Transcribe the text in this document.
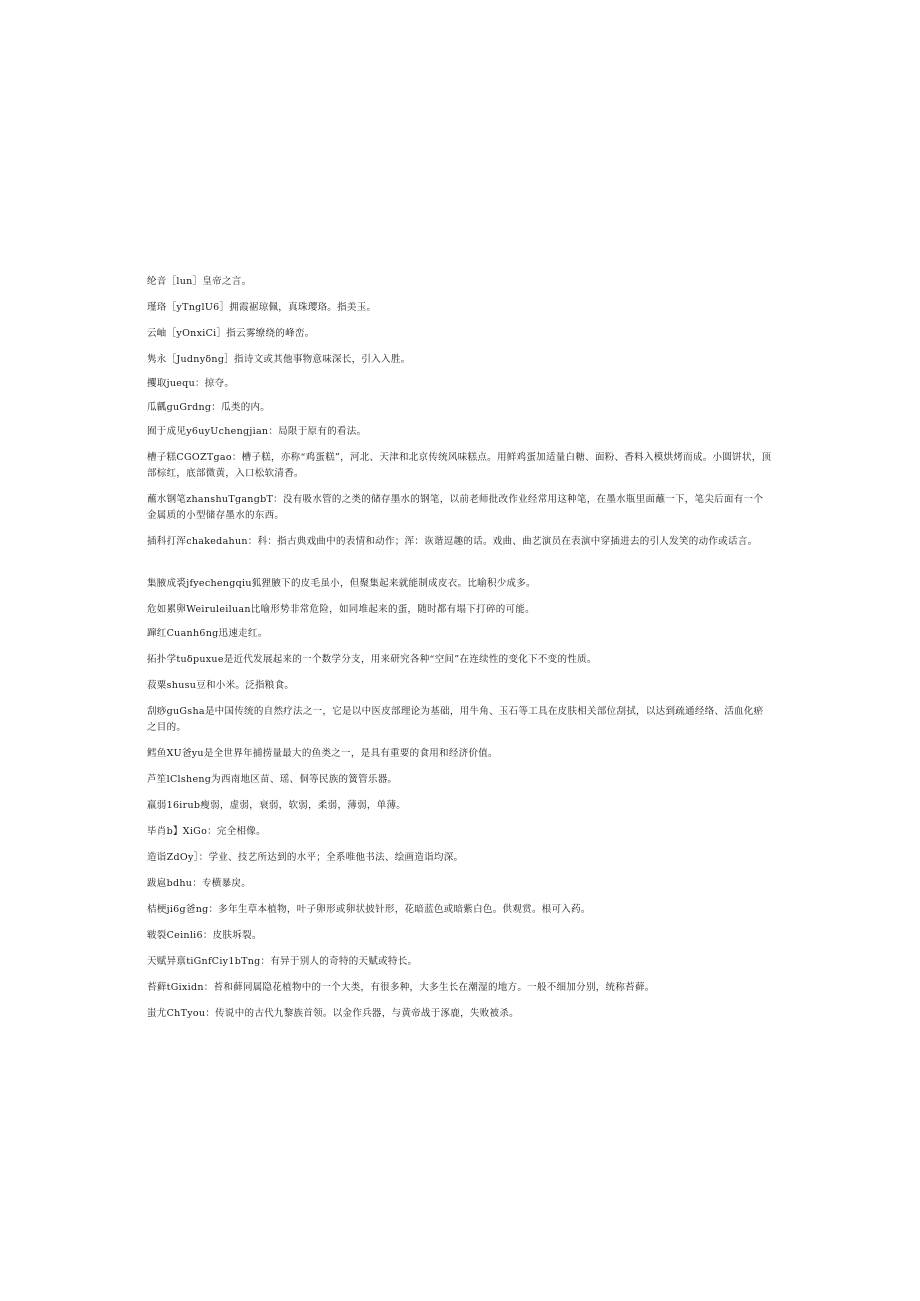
纶音［lun］皇帝之言。

瑾珞［yTnglU6］拥霞裾琼佩，真珠璎珞。指美玉。

云岫［yOnxiCi］指云雾缭绕的峰峦。

隽永［Judnyδng］指诗文或其他事物意味深长，引入入胜。

攫取juequ：掠夺。

瓜瓤guGrdng：瓜类的内。

囿于成见y6uyUchengjian：局限于原有的看法。

槽子糕CGOZTgao：槽子糕，亦称“鸡蛋糕”，河北、天津和北京传统风味糕点。用鲜鸡蛋加适量白糖、面粉、香料入模烘烤而成。小圆饼状，顶部棕红，底部微黄，入口松软清香。

蘸水钢笔zhanshuTgangbT：没有吸水管的之类的储存墨水的钢笔，以前老师批改作业经常用这种笔，在墨水瓶里面蘸一下，笔尖后面有一个金属质的小型储存墨水的东西。

插科打浑chakedahun：科：指古典戏曲中的表情和动作；浑：诙谐逗趣的话。戏曲、曲艺演员在表演中穿插进去的引人发笑的动作或话言。

集腋成裘jfyechengqiu狐狸腋下的皮毛虽小，但聚集起来就能制成皮衣。比喻积少成多。

危如累卵Weiruleiluan比喻形势非常危险，如同堆起来的蛋，随时都有塌下打碎的可能。

蹿红Cuanh6ng迅速走红。

拓扑学tuδpuxue是近代发展起来的一个数学分支，用来研究各种“空间”在连续性的变化下不变的性质。

菽粟shusu豆和小米。泛指粮食。

刮痧guGsha是中国传统的自然疗法之一，它是以中医皮部理论为基础，用牛角、玉石等工具在皮肤相关部位刮拭，以达到疏通经络、活血化瘀之目的。

鳕鱼XU爸yu是全世界年捕捞量最大的鱼类之一，是具有重要的食用和经济价值。

芦笙lClsheng为西南地区苗、瑶、侗等民族的簧管乐器。

羸弱16irub瘦弱，虚弱，衰弱，软弱，柔弱，薄弱，单薄。

毕肖b】XiGo：完全相像。

造诣ZdOy］：学业、技艺所达到的水平；全系唯他书法、绘画造诣均深。

跋扈bdhu：专横暴戾。

桔梗ji6g爸ng：多年生草本植物，叶子卵形或卵状披针形，花暗蓝色或暗紫白色。供观赏。根可入药。

皲裂Ceinli6：皮肤坼裂。

天赋异禀tiGnfCiy1bTng：有异于别人的奇特的天赋或特长。

苔藓tGixidn：苔和藓同属隐花植物中的一个大类，有很多种，大多生长在潮湿的地方。一般不细加分别，统称苔藓。

蚩尤ChTyou：传说中的古代九黎族首领。以金作兵器，与黄帝战于涿鹿，失败被杀。
